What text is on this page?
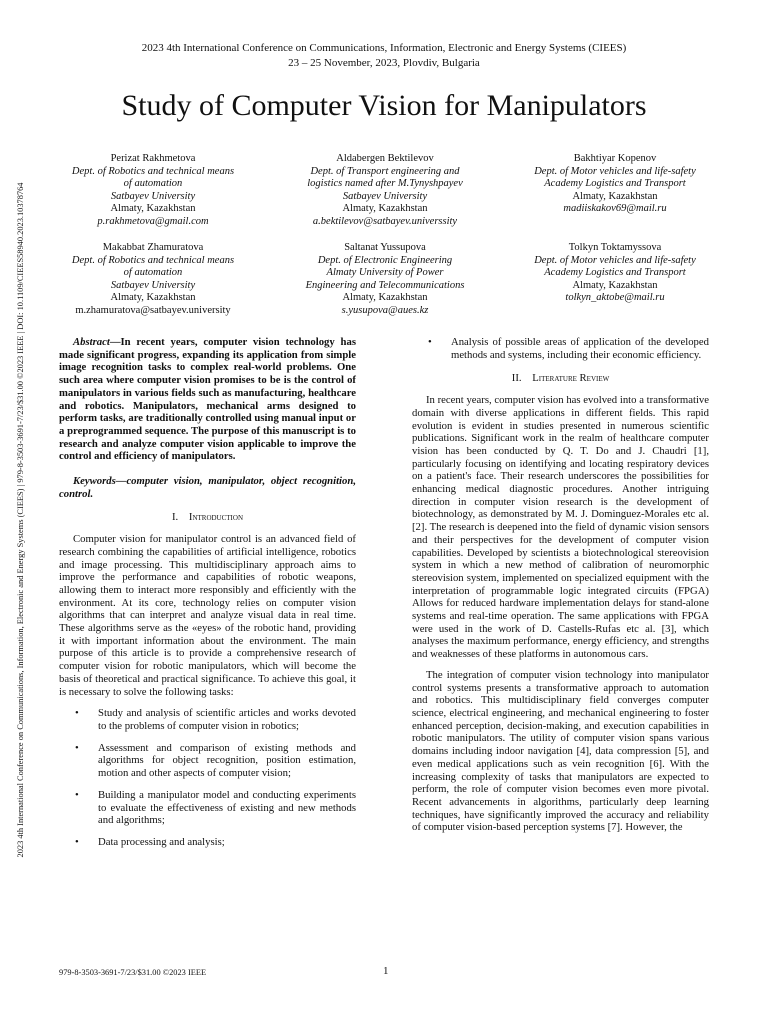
2023 4th International Conference on Communications, Information, Electronic and Energy Systems (CIEES)
23 – 25 November, 2023, Plovdiv, Bulgaria
Study of Computer Vision for Manipulators
2023 4th International Conference on Communications, Information, Electronic and Energy Systems (CIEES) | 979-8-3503-3691-7/23/$31.00 ©2023 IEEE | DOI: 10.1109/CIEES58940.2023.10378764
Perizat Rakhmetova
Dept. of Robotics and technical means
of automation
Satbayev University
Almaty, Kazakhstan
p.rakhmetova@gmail.com
Aldabergen Bektilevov
Dept. of Transport engineering and
logistics named after M.Tynyshpayev
Satbayev University
Almaty, Kazakhstan
a.bektilevov@satbayev.universsity
Bakhtiyar Kopenov
Dept. of Motor vehicles and life-safety
Academy Logistics and Transport
Almaty, Kazakhstan
madiiskakov69@mail.ru
Makabbat Zhamuratova
Dept. of Robotics and technical means
of automation
Satbayev University
Almaty, Kazakhstan
m.zhamuratova@satbayev.university
Saltanat Yussupova
Dept. of Electronic Engineering
Almaty University of Power
Engineering and Telecommunications
Almaty, Kazakhstan
s.yusupova@aues.kz
Tolkyn Toktamyssova
Dept. of Motor vehicles and life-safety
Academy Logistics and Transport
Almaty, Kazakhstan
tolkyn_aktobe@mail.ru

Abstract—In recent years, computer vision technology has made significant progress, expanding its application from simple image recognition tasks to complex real-world problems. One such area where computer vision promises to be is the control of manipulators in various fields such as manufacturing, healthcare and robotics. Manipulators, mechanical arms designed to perform tasks, are traditionally controlled using manual input or a preprogrammed sequence. The purpose of this manuscript is to research and analyze computer vision applicable to improve the control and efficiency of manipulators.

Keywords—computer vision, manipulator, object recognition, control.

I. Introduction

Computer vision for manipulator control is an advanced field of research combining the capabilities of artificial intelligence, robotics and image processing. This multidisciplinary approach aims to improve the performance and capabilities of robotic weapons, allowing them to interact more responsibly and efficiently with the environment. At its core, technology relies on computer vision algorithms that can interpret and analyze visual data in real time. These algorithms serve as the «eyes» of the robotic hand, providing it with important information about the environment. The main purpose of this article is to provide a comprehensive research of computer vision for robotic manipulators, which will become the basis of theoretical and practical significance. To achieve this goal, it is necessary to solve the following tasks:

• Study and analysis of scientific articles and works devoted to the problems of computer vision in robotics;
• Assessment and comparison of existing methods and algorithms for object recognition, position estimation, motion and other aspects of computer vision;
• Building a manipulator model and conducting experiments to evaluate the effectiveness of existing and new methods and algorithms;
• Data processing and analysis;
• Analysis of possible areas of application of the developed methods and systems, including their economic efficiency.

II. Literature Review

In recent years, computer vision has evolved into a transformative domain with diverse applications in different fields. This rapid evolution is evident in studies presented in numerous scientific publications. Significant work in the realm of healthcare computer vision has been conducted by Q. T. Do and J. Chaudri [1], particularly focusing on identifying and locating respiratory devices on a patient's face. Their research underscores the possibilities for enhancing medical diagnostic procedures. Another intriguing direction in computer vision research is the development of biotechnology, as demonstrated by M. J. Dominguez-Morales etc al. [2]. The research is deepened into the field of dynamic vision sensors and their perspectives for the development of computer vision capabilities. Developed by scientists a biotechnological stereovision system in which a new method of calibration of neuromorphic stereovision system, implemented on specialized equipment with the interpretation of programmable logic integrated circuits (FPGA) Allows for reduced hardware implementation delays for stand-alone systems and real-time operation. The same applications with FPGA were used in the work of D. Castells-Rufas etc al. [3], which analyses the maximum performance, energy efficiency, and strengths and weaknesses of these platforms in autonomous cars.

The integration of computer vision technology into manipulator control systems presents a transformative approach to automation and robotics. This multidisciplinary field converges computer science, electrical engineering, and mechanical engineering to foster enhanced perception, decision-making, and execution capabilities in robotic manipulators. The utility of computer vision spans various domains including indoor navigation [4], data compression [5], and even medical applications such as vein recognition [6]. With the increasing complexity of tasks that manipulators are expected to perform, the role of computer vision becomes even more pivotal. Recent advancements in algorithms, particularly deep learning techniques, have significantly improved the accuracy and reliability of computer vision-based perception systems [7]. However, the

979-8-3503-3691-7/23/$31.00 ©2023 IEEE	1
